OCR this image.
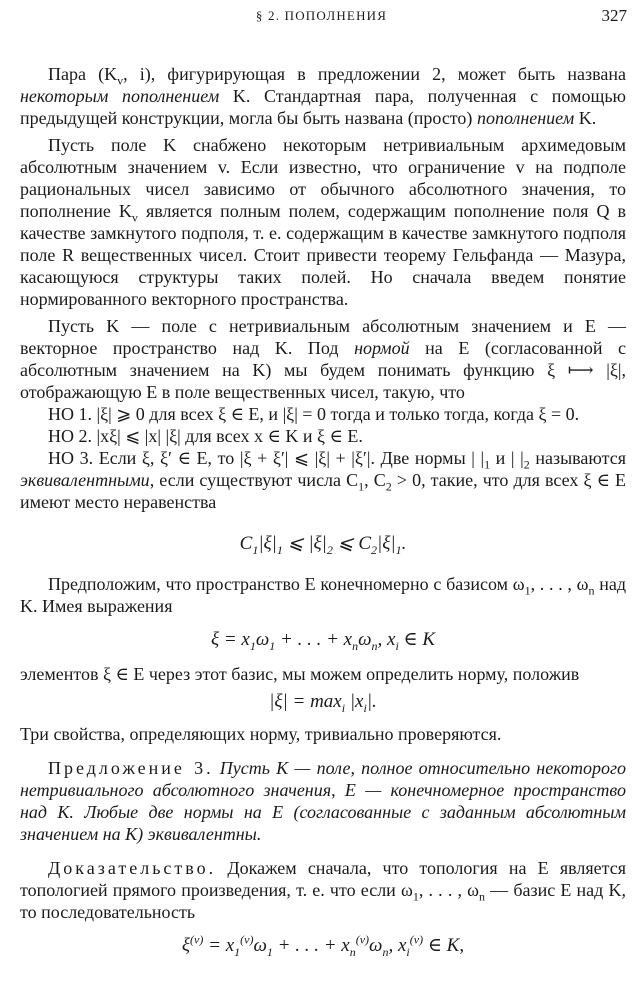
§ 2. ПОПОЛНЕНИЯ	327

Пара ($K_v$, i), фигурирующая в предложении 2, может быть названа некоторым пополнением K. Стандартная пара, полученная с помощью предыдущей конструкции, могла бы быть названа (просто) пополнением K.

Пусть поле K снабжено некоторым нетривиальным архимедовым абсолютным значением v. Если известно, что ограничение v на подполе рациональных чисел зависимо от обычного абсолютного значения, то пополнение $K_v$ является полным полем, содержащим пополнение поля Q в качестве замкнутого подполя, т. е. содержащим в качестве замкнутого подполя поле R вещественных чисел. Стоит привести теорему Гельфанда — Мазура, касающуюся структуры таких полей. Но сначала введем понятие нормированного векторного пространства.

Пусть K — поле с нетривиальным абсолютным значением и E — векторное пространство над K. Под нормой на E (согласованной с абсолютным значением на K) мы будем понимать функцию ξ ⟼ |ξ|, отображающую E в поле вещественных чисел, такую, что

НО 1. |ξ| ⩾ 0 для всех ξ ∈ E, и |ξ| = 0 тогда и только тогда, когда ξ = 0.

НО 2. |xξ| ⩽ |x| |ξ| для всех x ∈ K и ξ ∈ E.

НО 3. Если ξ, ξ′ ∈ E, то |ξ + ξ′| ⩽ |ξ| + |ξ′|. Две нормы | $|_1$ и | $|_2$ называются эквивалентными, если существуют числа $C_1$, $C_2 > 0$, такие, что для всех ξ ∈ E имеют место неравенства

$C_1|\xi|_1$ ⩽ $|\xi|_2$ ⩽ $C_2|\xi|_1$.

Предположим, что пространство E конечномерно с базисом $\omega_1$, . . . , $\omega_n$ над K. Имея выражения

$\xi = x_1\omega_1$ + . . . + $x_n\omega_n$, $x_i$ ∈ K

элементов ξ ∈ E через этот базис, мы можем определить норму, положив

$|\xi| = \max_i |x_i|$.

Три свойства, определяющих норму, тривиально проверяются.

Предложение 3. Пусть K — поле, полное относительно некоторого нетривиального абсолютного значения, E — конечномерное пространство над K. Любые две нормы на E (согласованные с заданным абсолютным значением на K) эквивалентны.

Доказательство. Докажем сначала, что топология на E является топологией прямого произведения, т. е. что если $\omega_1$, . . . , $\omega_n$ — базис E над K, то последовательность

$\xi^{(\nu)} = x_1^{(\nu)}\omega_1$ + . . . + $x_n^{(\nu)}\omega_n$, $x_i^{(\nu)}$ ∈ K,
